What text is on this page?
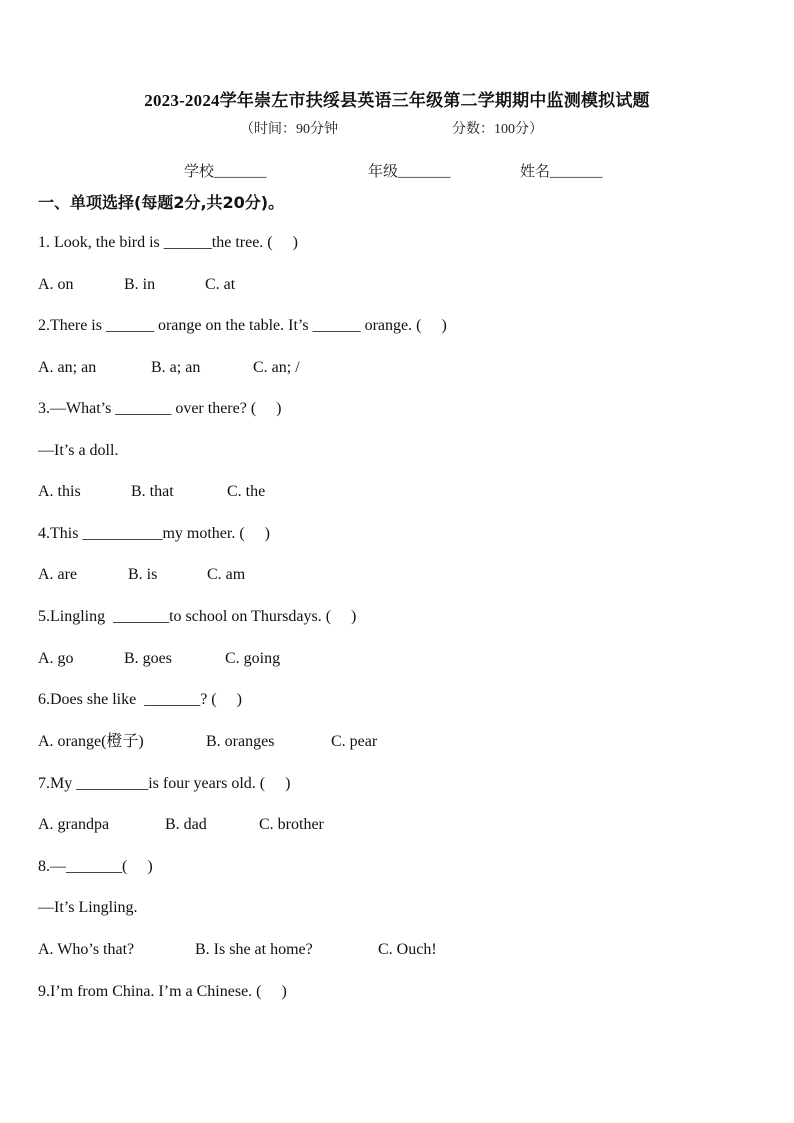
2023-2024学年崇左市扶绥县英语三年级第二学期期中监测模拟试题
（时间：90分钟	分数：100分）
学校_______	年级_______	姓名_______
一、单项选择(每题2分,共20分)。
1. Look, the bird is ______the tree. (     )
A. on	B. in	C. at
2.There is ______ orange on the table. It’s ______ orange. (     )
A. an; an	B. a; an	C. an; /
3.—What’s _______ over there? (     )
—It’s a doll.
A. this	B. that	C. the
4.This __________my mother. (     )
A. are	B. is	C. am
5.Lingling  _______to school on Thursdays. (     )
A. go	B. goes	C. going
6.Does she like  _______? (     )
A. orange(橙子)	B. oranges	C. pear
7.My _________is four years old. (     )
A. grandpa	B. dad	C. brother
8.—_______(     )
—It’s Lingling.
A. Who’s that?	B. Is she at home?	C. Ouch!
9.I’m from China. I’m a Chinese. (     )
